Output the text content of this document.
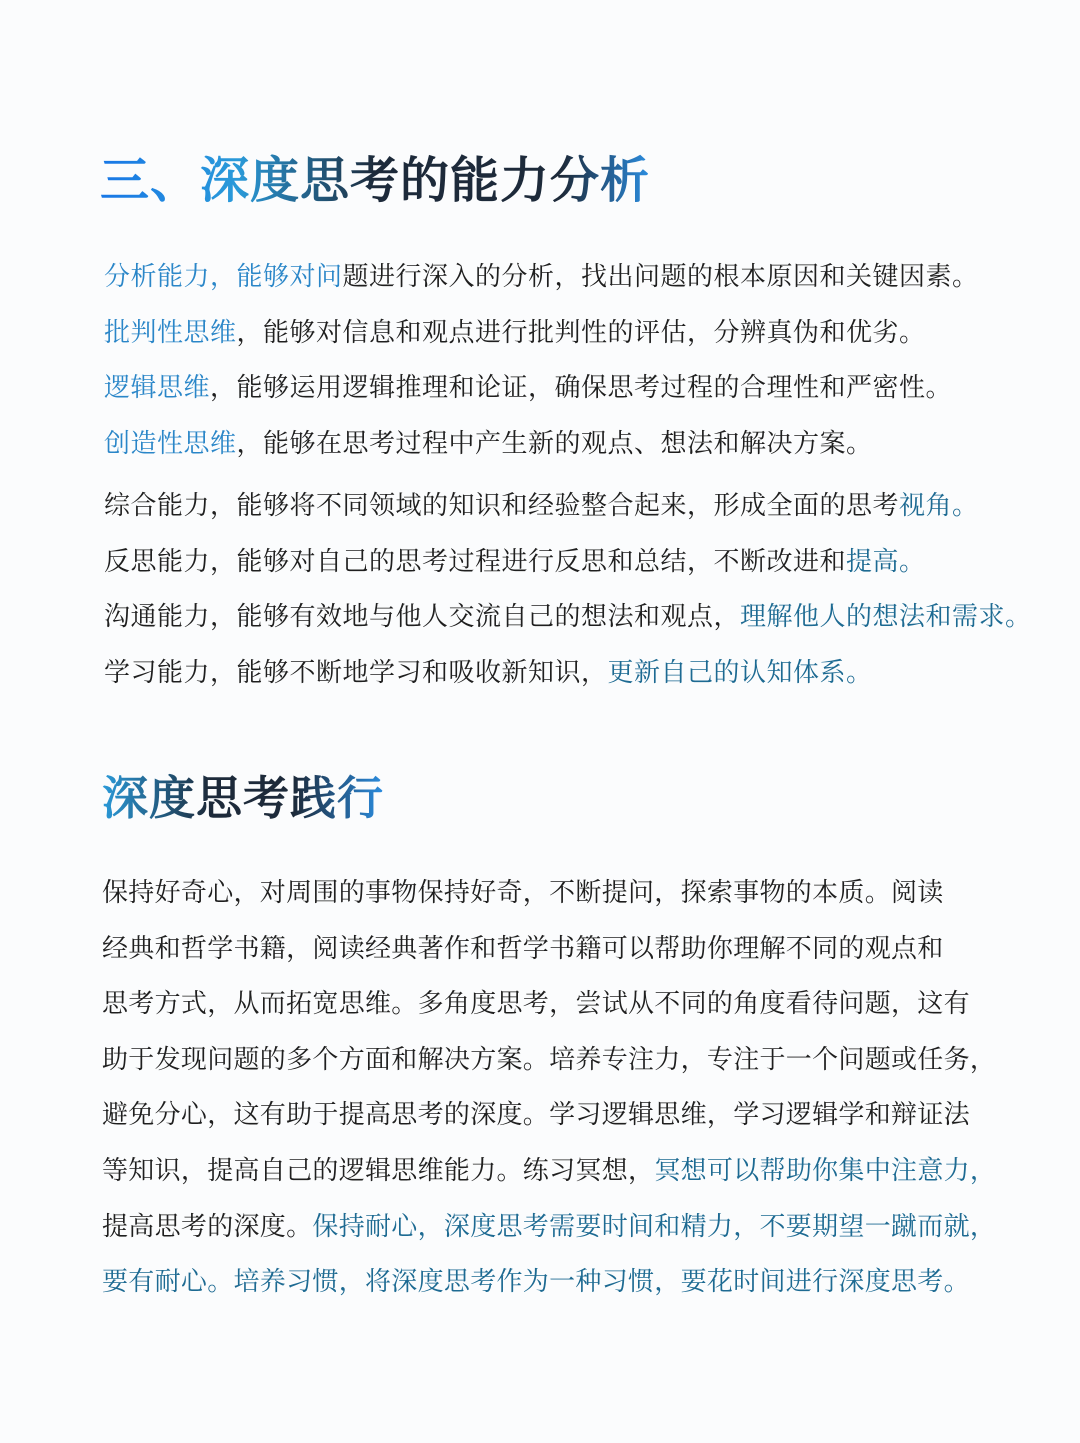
三、深度思考的能力分析
分析能力，能够对问题进行深入的分析，找出问题的根本原因和关键因素。
批判性思维，能够对信息和观点进行批判性的评估，分辨真伪和优劣。
逻辑思维，能够运用逻辑推理和论证，确保思考过程的合理性和严密性。
创造性思维，能够在思考过程中产生新的观点、想法和解决方案。
综合能力，能够将不同领域的知识和经验整合起来，形成全面的思考视角。
反思能力，能够对自己的思考过程进行反思和总结，不断改进和提高。
沟通能力，能够有效地与他人交流自己的想法和观点，理解他人的想法和需求。
学习能力，能够不断地学习和吸收新知识，更新自己的认知体系。
深度思考践行
保持好奇心，对周围的事物保持好奇，不断提问，探索事物的本质。阅读
经典和哲学书籍，阅读经典著作和哲学书籍可以帮助你理解不同的观点和
思考方式，从而拓宽思维。多角度思考，尝试从不同的角度看待问题，这有
助于发现问题的多个方面和解决方案。培养专注力，专注于一个问题或任务，
避免分心，这有助于提高思考的深度。学习逻辑思维，学习逻辑学和辩证法
等知识，提高自己的逻辑思维能力。练习冥想，冥想可以帮助你集中注意力，
提高思考的深度。保持耐心，深度思考需要时间和精力，不要期望一蹴而就，
要有耐心。培养习惯，将深度思考作为一种习惯，要花时间进行深度思考。
